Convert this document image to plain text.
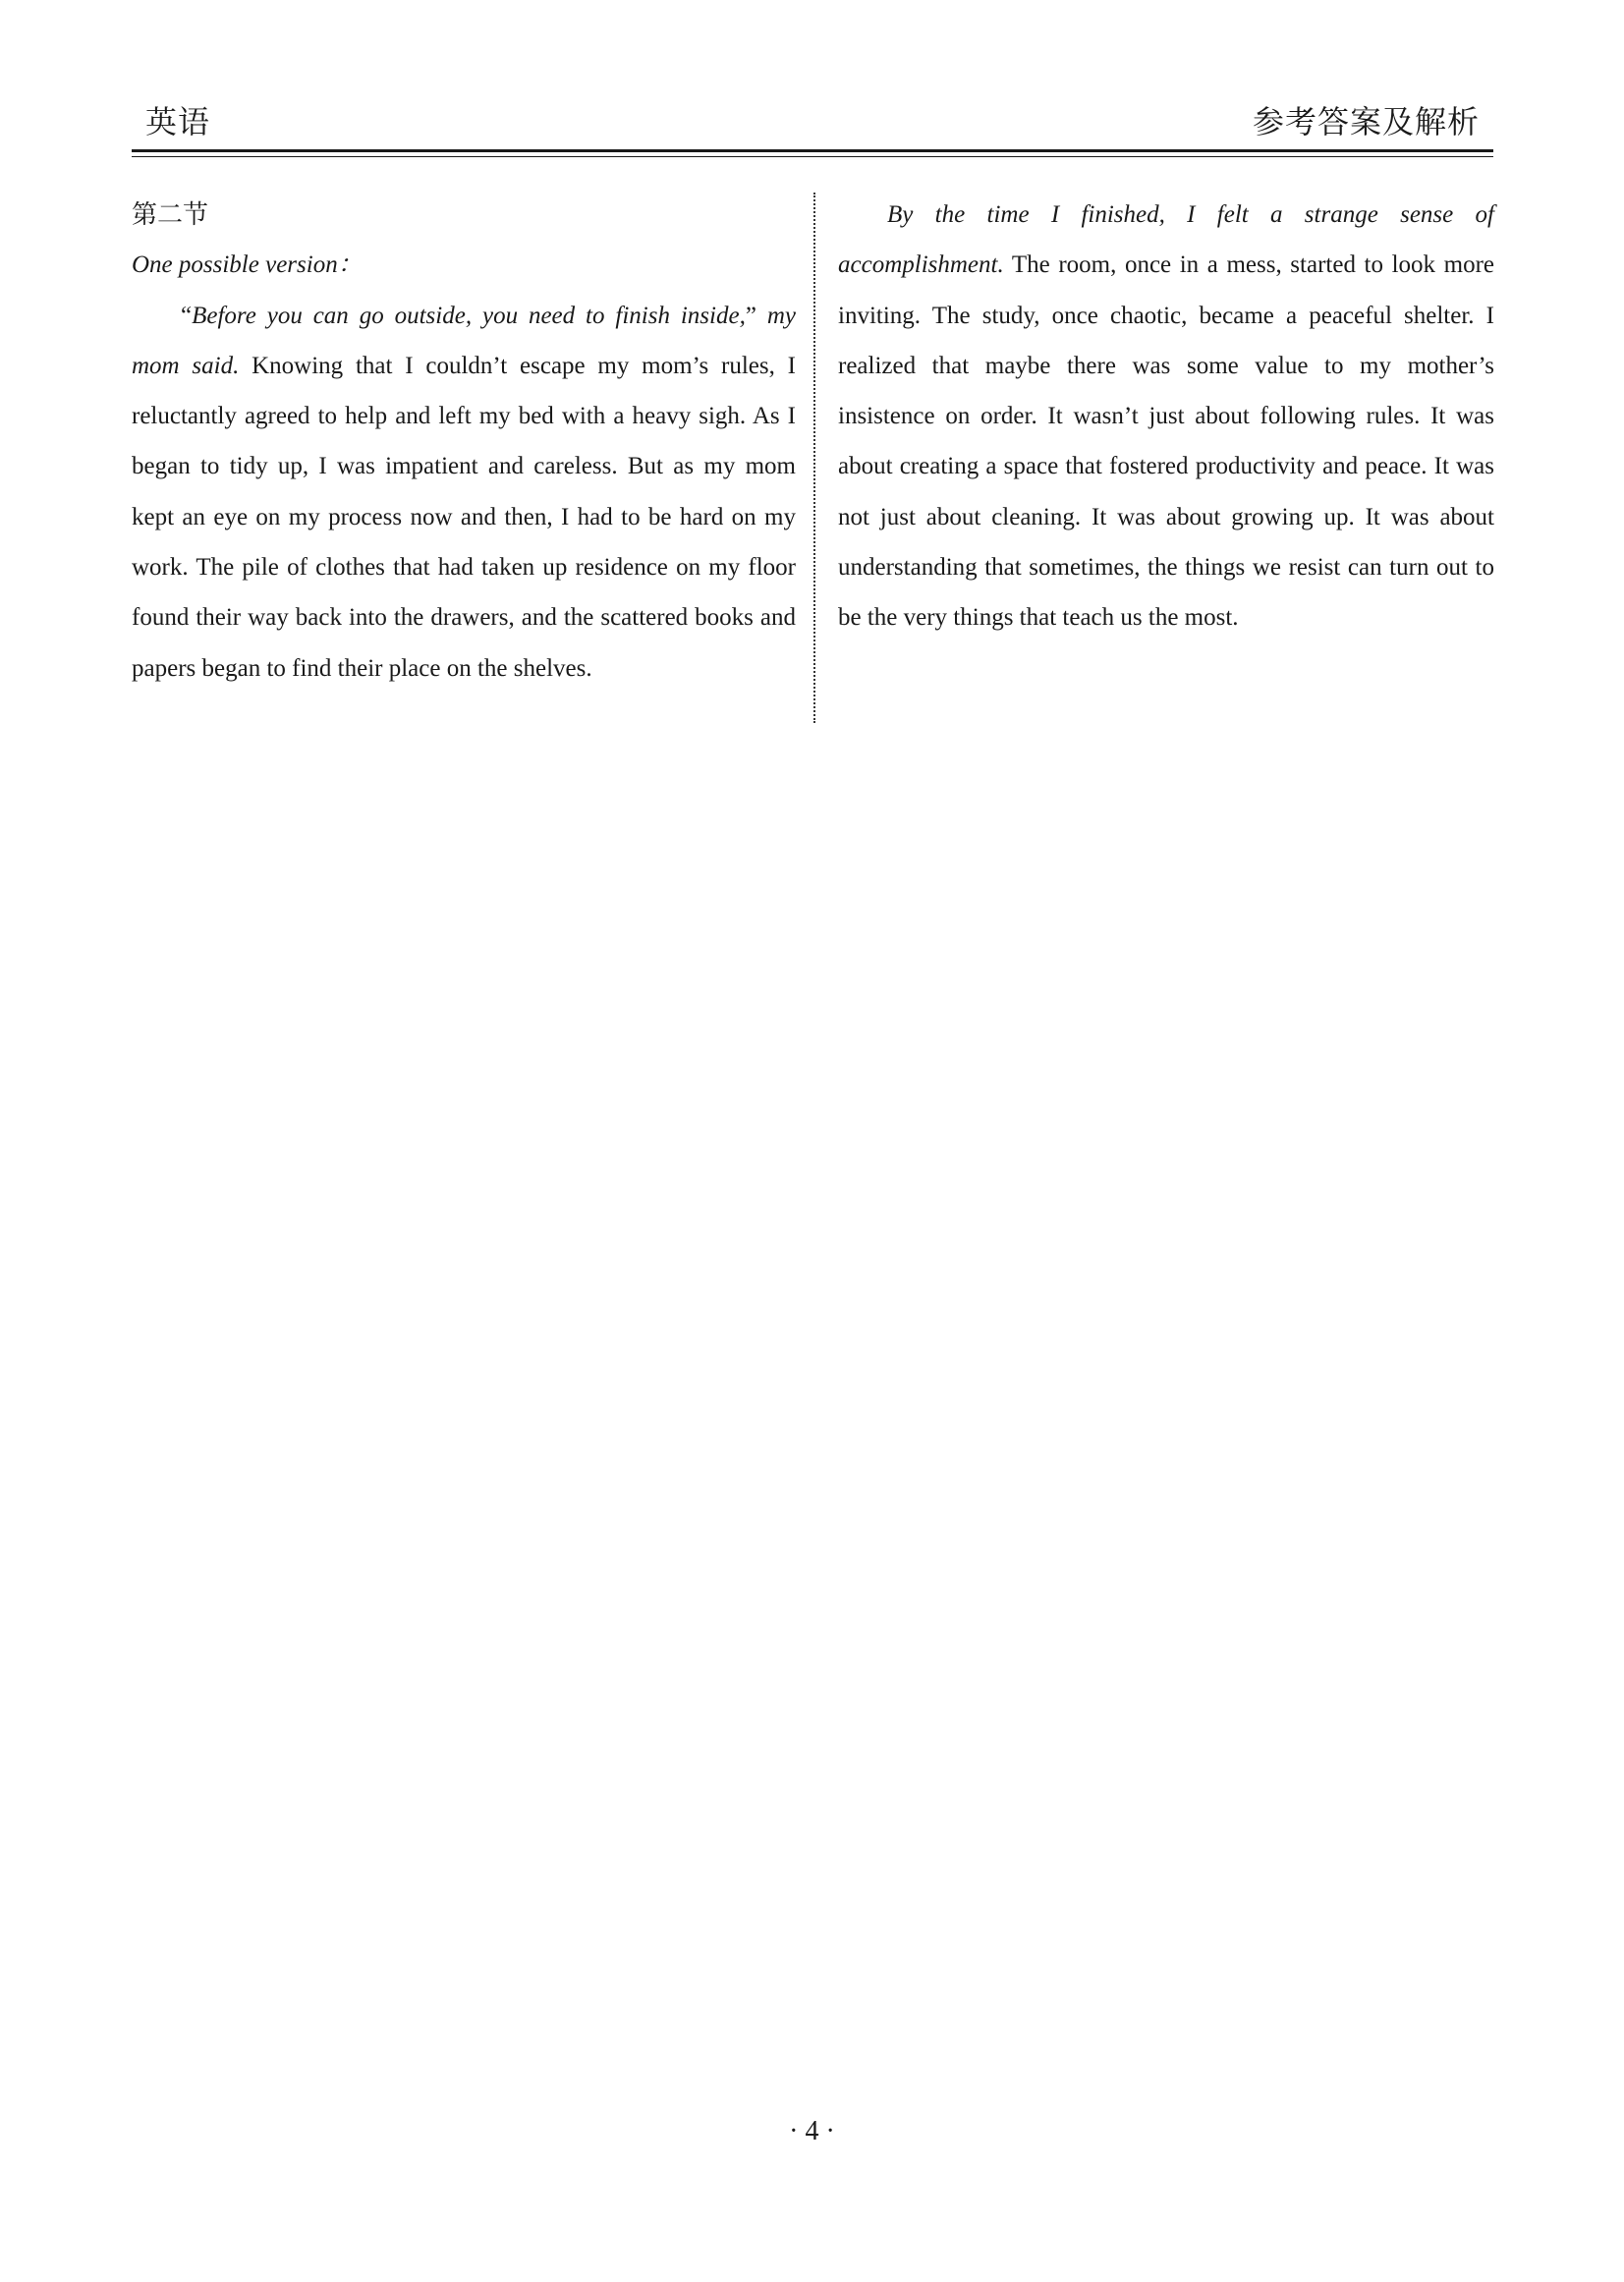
英语	参考答案及解析

第二节

One possible version：

“Before you can go outside, you need to finish inside,” my mom said. Knowing that I couldn’t escape my mom’s rules, I reluctantly agreed to help and left my bed with a heavy sigh. As I began to tidy up, I was impatient and careless. But as my mom kept an eye on my process now and then, I had to be hard on my work. The pile of clothes that had taken up residence on my floor found their way back into the drawers, and the scattered books and papers began to find their place on the shelves.

By the time I finished, I felt a strange sense of accomplishment. The room, once in a mess, started to look more inviting. The study, once chaotic, became a peaceful shelter. I realized that maybe there was some value to my mother’s insistence on order. It wasn’t just about following rules. It was about creating a space that fostered productivity and peace. It was not just about cleaning. It was about growing up. It was about understanding that sometimes, the things we resist can turn out to be the very things that teach us the most.

· 4 ·
